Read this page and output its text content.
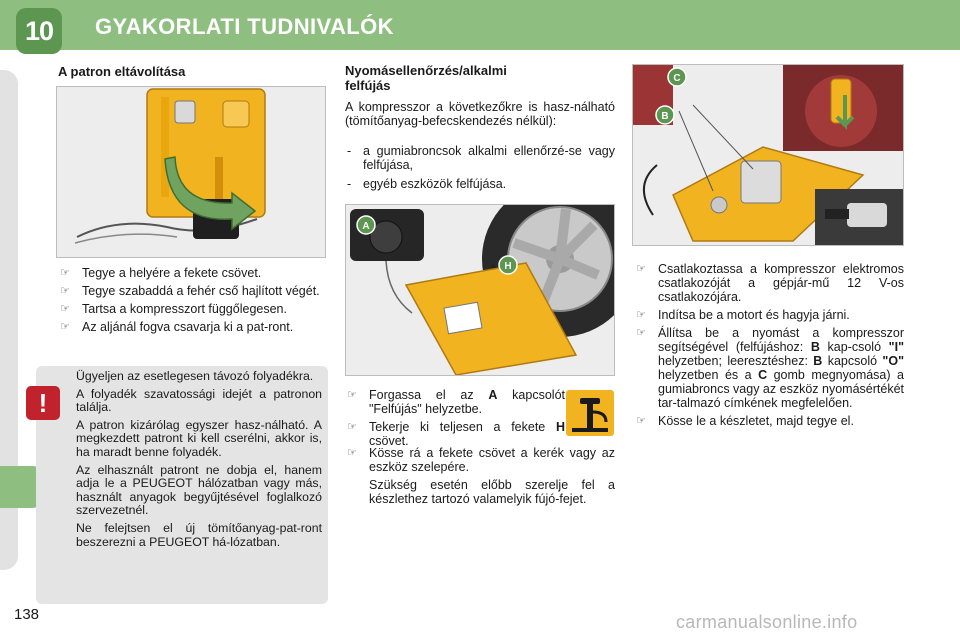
10 GYAKORLATI TUDNIVALÓK
A patron eltávolítása
☞ Tegye a helyére a fekete csövet.
☞ Tegye szabaddá a fehér cső hajlított végét.
☞ Tartsa a kompresszort függőlegesen.
☞ Az aljánál fogva csavarja ki a pat-ront.
!

Ügyeljen az esetlegesen távozó folyadékra.

A folyadék szavatossági idejét a patronon találja.

A patron kizárólag egyszer hasz-nálható. A megkezdett patront ki kell cserélni, akkor is, ha maradt benne folyadék.

Az elhasznált patront ne dobja el, hanem adja le a PEUGEOT hálózatban vagy más, használt anyagok begyűjtésével foglalkozó szervezetnél.

Ne felejtsen el új tömítőanyag-pat-ront beszerezni a PEUGEOT há-lózatban.

Nyomásellenőrzés/alkalmi
felfújás
A kompresszor a következőkre is hasz-nálható (tömítőanyag-befecskendezés nélkül):
- a gumiabroncsok alkalmi ellenőrzé-se vagy felfújása,
- egyéb eszközök felfújása.
A
H
☞ Forgassa el az A kapcsolót "Felfújás" helyzetbe.
☞ Tekerje ki teljesen a fekete H csövet.
☞ Kösse rá a fekete csövet a kerék vagy az eszköz szelepére.
Szükség esetén előbb szerelje fel a készlethez tartozó valamelyik fújó-fejet.
C
B
☞ Csatlakoztassa a kompresszor elektromos csatlakozóját a gépjár-mű 12 V-os csatlakozójára.
☞ Indítsa be a motort és hagyja járni.
☞ Állítsa be a nyomást a kompresszor segítségével (felfújáshoz: B kap-csoló "I" helyzetben; leeresztéshez: B kapcsoló "O" helyzetben és a C gomb megnyomása) a gumiabroncs vagy az eszköz nyomásértékét tar-talmazó címkének megfelelően.
☞ Kösse le a készletet, majd tegye el.
138	carmanualsonline.info
